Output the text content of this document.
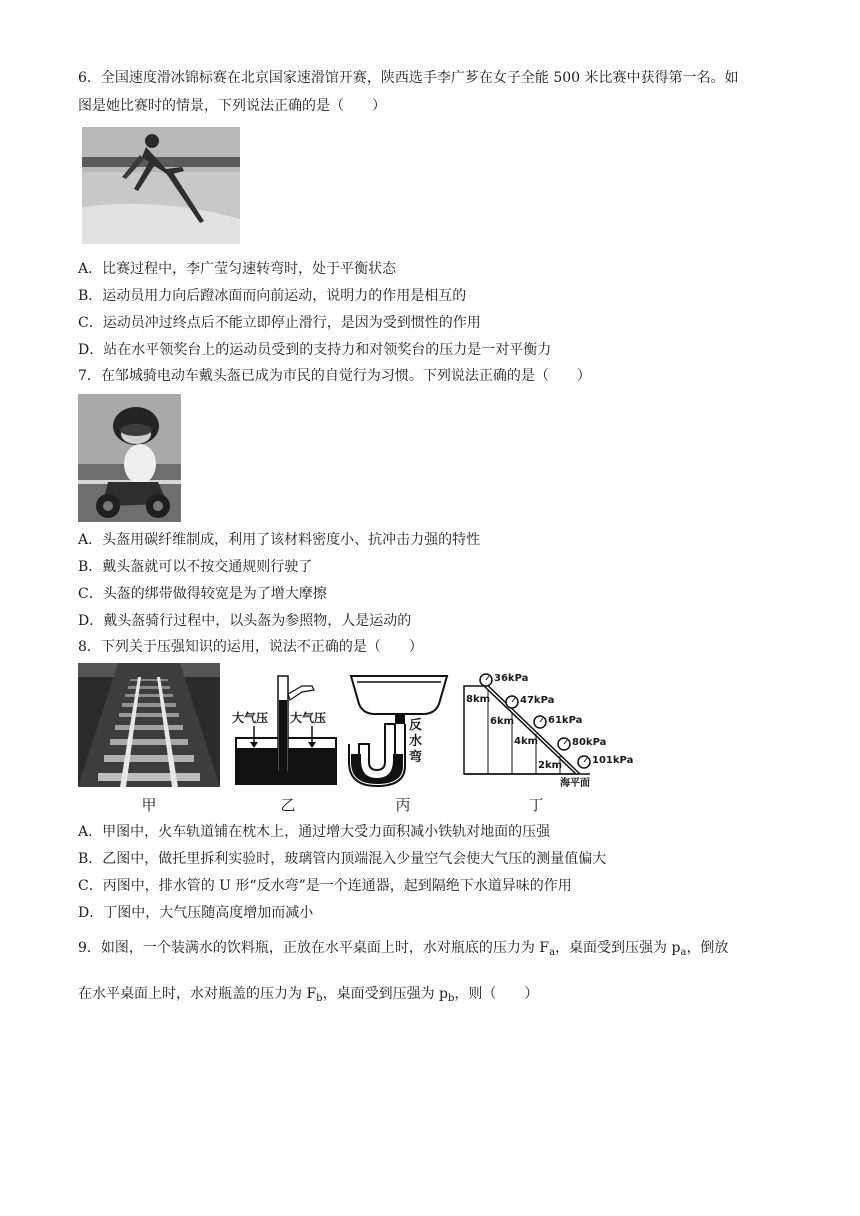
6．全国速度滑冰锦标赛在北京国家速滑馆开赛，陕西选手李广芗在女子全能 500 米比赛中获得第一名。如
图是她比赛时的情景，下列说法正确的是（　　）
A．比赛过程中，李广莹匀速转弯时，处于平衡状态
B．运动员用力向后蹬冰面而向前运动，说明力的作用是相互的
C．运动员冲过终点后不能立即停止滑行，是因为受到惯性的作用
D．站在水平领奖台上的运动员受到的支持力和对领奖台的压力是一对平衡力
7．在邹城骑电动车戴头盔已成为市民的自觉行为习惯。下列说法正确的是（　　）
A．头盔用碳纤维制成，利用了该材料密度小、抗冲击力强的特性
B．戴头盔就可以不按交通规则行驶了
C．头盔的绑带做得较宽是为了增大摩擦
D．戴头盔骑行过程中，以头盔为参照物，人是运动的
8．下列关于压强知识的运用，说法不正确的是（　　）
甲
大气压 大气压
乙
反水弯
丙
36kPa
47kPa
61kPa
80kPa
101kPa
8km
6km
4km
2km
海平面
丁
A．甲图中，火车轨道铺在枕木上，通过增大受力面积减小铁轨对地面的压强
B．乙图中，做托里拆利实验时，玻璃管内顶端混入少量空气会使大气压的测量值偏大
C．丙图中，排水管的 U 形“反水弯”是一个连通器，起到隔绝下水道异味的作用
D．丁图中，大气压随高度增加而减小
9．如图，一个装满水的饮料瓶，正放在水平桌面上时，水对瓶底的压力为 $F_a$，桌面受到压强为 $p_a$，倒放
在水平桌面上时，水对瓶盖的压力为 $F_b$，桌面受到压强为 $p_b$，则（　　）
